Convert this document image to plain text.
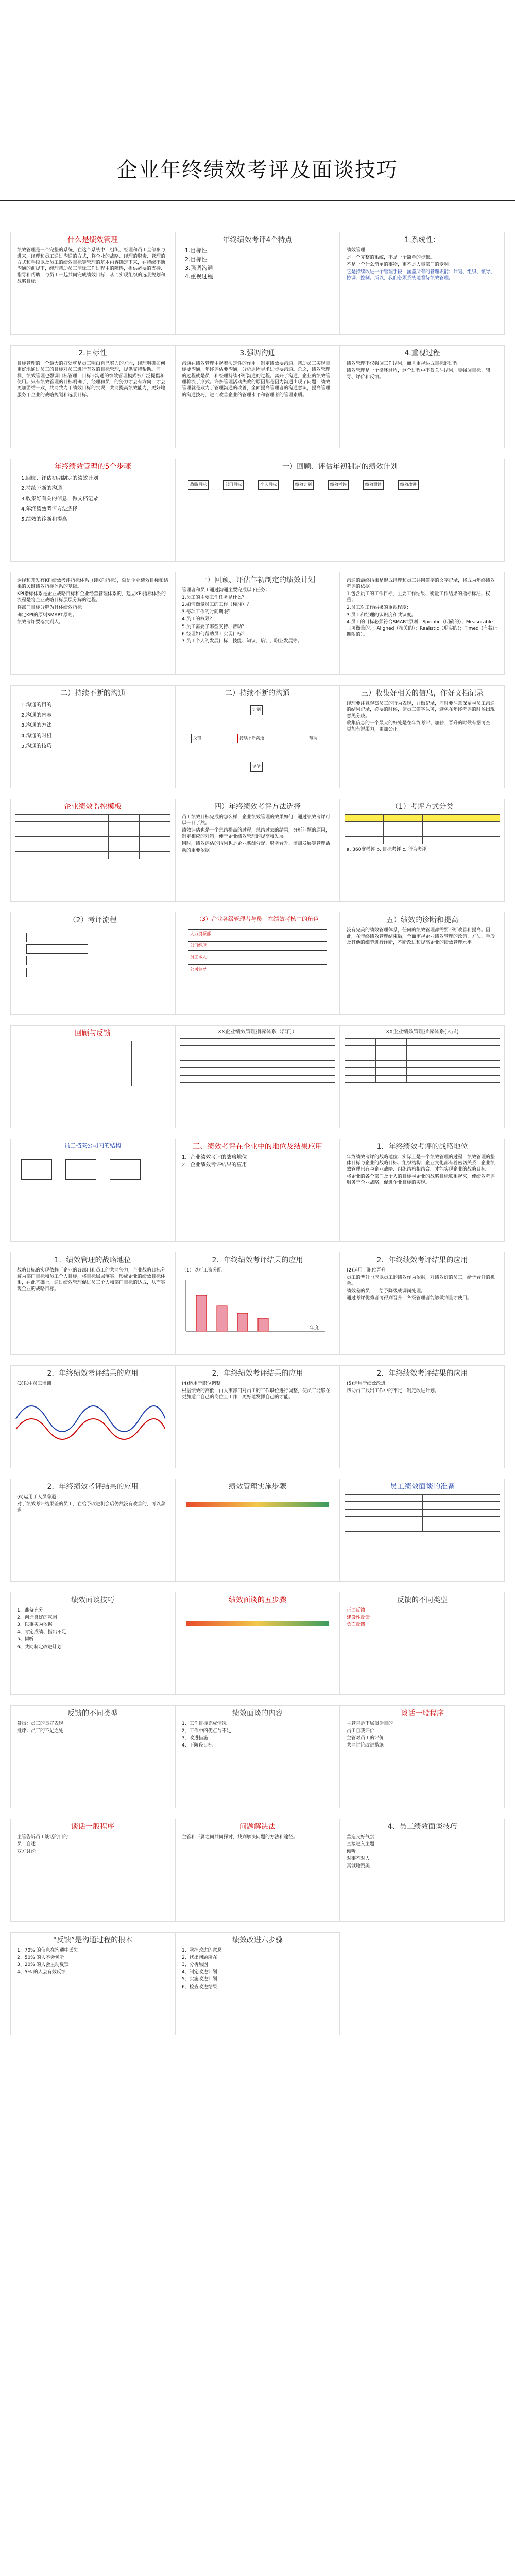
企业年终绩效考评及面谈技巧
什么是绩效管理

绩效管理是一个完整的系统，在这个系统中，组织、经理和员工全部参与进来，经理和员工通过沟通的方式，将企业的战略、经理的职责、管理的方式和手段以及员工的绩效目标等管理的基本内容确定下来，在持续不断沟通的前提下，经理帮助员工清除工作过程中的障碍，提供必要的支持、指导和帮助，与员工一起共同完成绩效目标，从而实现组织的远景规划和战略目标。

年终绩效考评4个特点
1.目标性
2.目标性
3.强调沟通
4.重视过程
1.系统性：
绩效管理
是一个完整的系统，不是一个简单的步骤。
不是一个什么简单的事物，更不是人事部门的专利。
它是持续改进一个管理手段，涵盖所有的管理职能：计划、组织、领导、协调、控制。所以，我们必须系统地看待绩效管理。
2.目标性

目标管理的一个最大的好处就是员工明白自己努力的方向，经理明确如何更好地通过员工的目标对员工进行有效的目标管理，提供支持帮助。同样，绩效管理也强调目标管理，目标+沟通的绩效管理模式被广泛提倡和使用。只有绩效管理的目标明确了，经理和员工的努力才会有方向，才会更加团结一致，共同致力于绩效目标的实现，共同提高绩效能力，更好地服务于企业的战略规划和远景目标。

3.强调沟通

沟通在绩效管理中起着决定性的作用。制定绩效要沟通，帮助员工实现目标要沟通，年终评估要沟通，分析原因寻求进步要沟通。总之，绩效管理的过程就是员工和经理持续不断沟通的过程。离开了沟通，企业的绩效管理将流于形式。许多管理活动失败的原因都是因为沟通出现了问题，绩效管理就是致力于管理沟通的改善，全面提高管理者的沟通意识，提高管理的沟通技巧，进而改善企业的管理水平和管理者的管理素质。

4.重视过程
绩效管理不仅强调工作结果，而且重视达成目标的过程。
绩效管理是一个循环过程，这个过程中不仅关注结果，更强调目标、辅导、评价和反馈。
年终绩效管理的5个步骤
1.回顾、评估初期制定的绩效计划
2.持续不断的沟通
3.收集好有关的信息，做文档记录
4.年终绩效考评方法选择
5.绩效的诊断和提高
一）回顾、评估年初制定的绩效计划
战略目标	部门目标	个人目标	绩效计划	绩效考评	绩效面谈	绩效改进
选择和开发有KPI绩效考评指标体系（即KPI指标），就是企业绩效目标和结果的关键绩效指标体系的基础。
KPI指标体系是企业战略目标和企业经营管理体系的，建立KPI指标体系的流程是将企业战略目标层层分解的过程。
将部门目标分解为具体绩效指标。
确定KPI的原则SMART原则。
绩效考评要落实到人。
一）回顾、评估年初制定的绩效计划
管理者和员工通过沟通主要完成以下任务：
1.员工的主要工作任务是什么？
2.如何衡量员工的工作（标准）？
3.每项工作的时间期限？
4.员工的权限？
5.员工需要了哪些支持、帮助？
6.经理如何帮助员工实现目标？
7.员工个人的发展目标，技能、知识、培训、职业发展等。
沟通的最终结果是形成经理和员工共同签字的文字记录，将成为年终绩效考评的依据。
1.包含员工的工作目标、主要工作结果、衡量工作结果的指标标准、权重；
2.员工对工作结果的重视程度；
3.员工和经理的认识度和共识度。
4.员工的目标必须符合SMART原则：Specific（明确的）；Measurable（可衡量的）；Aligned（相关的）；Realistic（现实的）；Timed（有截止期限的）。
二）持续不断的沟通
1.沟通的目的
2.沟通的内容
3.沟通的方法
4.沟通的时机
5.沟通的技巧
二）持续不断的沟通
持续不断沟通
计划
帮助
评估
反馈
三）收集好相关的信息，作好文档记录
经理要注意观察员工的行为表现，并做记录，同时要注意保留与员工沟通的结果记录，必要的时候，请员工签字认可，避免在年终考评的时候出现意见分歧。
收集信息的一个最大的好处是在年终考评、加薪、晋升的时候有据可查，更加有说服力，更加公正。
企业绩效监控模板

					四）年终绩效考评方法选择
员工绩效目标完成的怎么样，企业绩效管理的效果如何，通过绩效考评可以一目了然。
绩效评估也是一个总结提高的过程，总结过去的结果，分析问题的原因，制定相应的对策，便于企业绩效管理的提高和发展。
同时，绩效评估的结果也是企业薪酬分配、职务晋升、培训发展等管理活动的重要依据。
（1）考评方式分类

a. 360度考评 b. 目标考评 c. 行为考评

（2）考评流程

	（3）企业各级管理者与员工在绩效考核中的角色
人力资源部
部门经理
员工本人
公司领导
五）绩效的诊断和提高
没有完美的绩效管理体系，任何的绩效管理都需要不断改善和提高。因此，在年终绩效管理结束后，全面审视企业绩效管理的政策、方法、手段及其他的细节进行诊断，不断改进和提高企业的绩效管理水平。
回顾与反馈

				XX企业绩效管理指标体系（部门）

					XX企业绩效管理指标体系(人员)

员工档案公司内的结构

	三、绩效考评在企业中的地位及结果应用
1．企业绩效考评的战略地位
2．企业绩效考评结果的应用
1．年终绩效考评的战略地位
年终绩效考评的战略地位：实际上是一个绩效管理的过程，绩效管理的整体目标与企业的战略目标、组织结构、企业文化都有着密切关系，企业绩效管理只有与企业战略、组织结构相结合，才能实现企业的战略目标。
将企业的各个部门及个人的目标与企业的战略目标联系起来，使绩效考评服务于企业战略，促进企业目标的实现。
1．绩效管理的战略地位
战略目标的实现依赖于企业的各部门和员工的共同努力，企业战略目标分解为部门目标和员工个人目标，将目标层层落实，形成企业的绩效目标体系，在此基础上，通过绩效管理促进员工个人和部门目标的达成，从而实现企业的战略目标。
2．年终绩效考评结果的应用

（1）以可工资分配

年度
2．年终绩效考评结果的应用
(2)运用于职位晋升
员工的晋升也应以员工的绩效作为依据，对绩效好的员工，给予晋升的机会。
绩效差的员工，给予降级或调岗处理。
通过考评优秀者可得到晋升，各级管理者能够做到量才使用。
2．年终绩效考评结果的应用

(3)以中员工培训

2．年终绩效考评结果的应用
(4)运用于职位调整
根据绩效的高低，由人事部门对员工的工作职位进行调整，使员工能够在更加适合自己的岗位上工作，更好地发挥自己的才能。
2．年终绩效考评结果的应用
(5)运用于绩效改进
帮助员工找出工作中的不足，制定改进计划。
2．年终绩效考评结果的应用
(6)运用于人员辞退
对于绩效考评结果差的员工，在给予改进机会后仍然没有改善的，可以辞退。
绩效管理实施步骤	员工绩效面谈的准备

绩效面谈技巧
1、准备充分
2、创造良好的氛围
3、以事实为依据
4、肯定成绩、指出不足
5、倾听
6、共同制定改进计划
绩效面谈的五步骤	反馈的不同类型
正面反馈
建设性反馈
负面反馈
反馈的不同类型
赞扬：员工的良好表现
批评：员工的不足之处
绩效面谈的内容
1、工作目标完成情况
2、工作中的优点与不足
3、改进措施
4、下阶段目标
谈话一般程序
主管告诉下属谈话目的
员工自我评价
主管对员工的评价
共同讨论改进措施
谈话一般程序
主管告诉员工谈话的目的
员工自述
双方讨论
问题解决法
主管和下属之间共同探讨，找到解决问题的方法和途径。
4、员工绩效面谈技巧
营造良好气氛
直接进入主题
倾听
对事不对人
真诚地赞美
“反馈”是沟通过程的根本
1、70% 的信息在沟通中丢失
2、50% 的人不会倾听
3、20% 的人会主动反馈
4、5% 的人会有效反馈
绩效改进六步骤
1、承担改进的意愿
2、找出问题所在
3、分析原因
4、制定改进计划
5、实施改进计划
6、检查改进结果
